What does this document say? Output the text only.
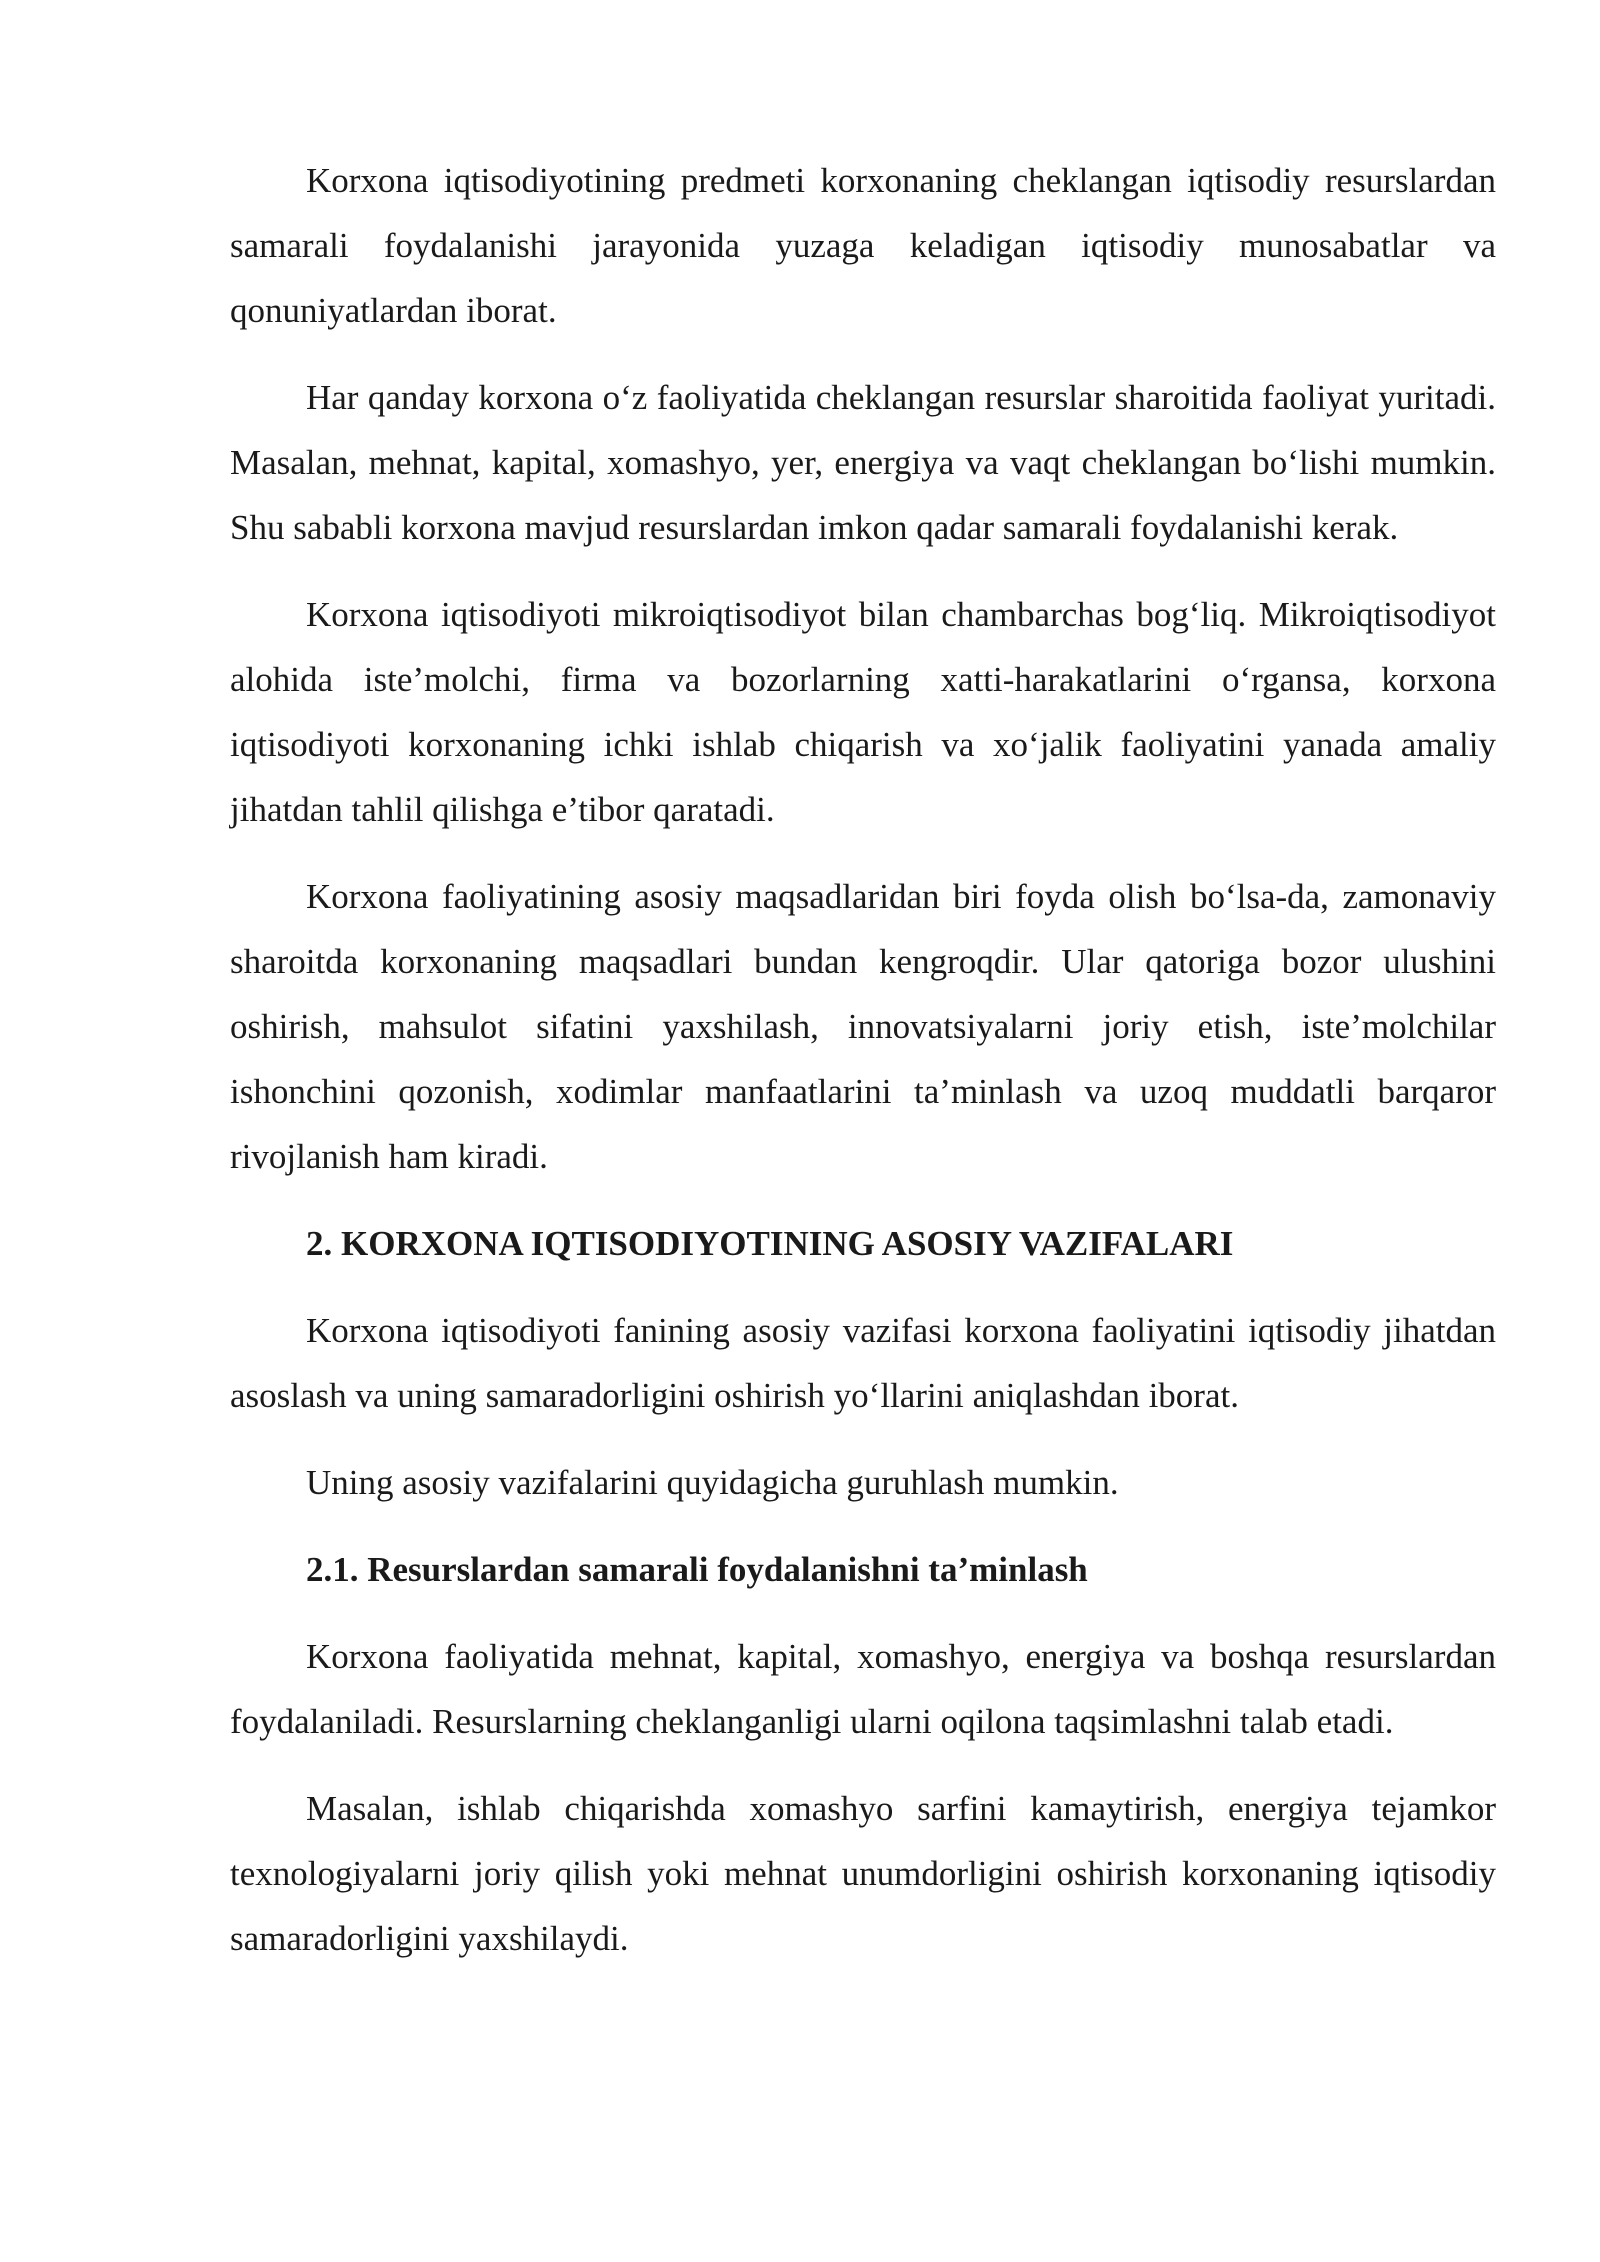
Korxona iqtisodiyotining predmeti korxonaning cheklangan iqtisodiy resurslardan samarali foydalanishi jarayonida yuzaga keladigan iqtisodiy munosabatlar va qonuniyatlardan iborat.

Har qanday korxona o‘z faoliyatida cheklangan resurslar sharoitida faoliyat yuritadi. Masalan, mehnat, kapital, xomashyo, yer, energiya va vaqt cheklangan bo‘lishi mumkin. Shu sababli korxona mavjud resurslardan imkon qadar samarali foydalanishi kerak.

Korxona iqtisodiyoti mikroiqtisodiyot bilan chambarchas bog‘liq. Mikroiqtisodiyot alohida iste’molchi, firma va bozorlarning xatti-harakatlarini o‘rgansa, korxona iqtisodiyoti korxonaning ichki ishlab chiqarish va xo‘jalik faoliyatini yanada amaliy jihatdan tahlil qilishga e’tibor qaratadi.

Korxona faoliyatining asosiy maqsadlaridan biri foyda olish bo‘lsa-da, zamonaviy sharoitda korxonaning maqsadlari bundan kengroqdir. Ular qatoriga bozor ulushini oshirish, mahsulot sifatini yaxshilash, innovatsiyalarni joriy etish, iste’molchilar ishonchini qozonish, xodimlar manfaatlarini ta’minlash va uzoq muddatli barqaror rivojlanish ham kiradi.

2. KORXONA IQTISODIYOTINING ASOSIY VAZIFALARI

Korxona iqtisodiyoti fanining asosiy vazifasi korxona faoliyatini iqtisodiy jihatdan asoslash va uning samaradorligini oshirish yo‘llarini aniqlashdan iborat.

Uning asosiy vazifalarini quyidagicha guruhlash mumkin.

2.1. Resurslardan samarali foydalanishni ta’minlash

Korxona faoliyatida mehnat, kapital, xomashyo, energiya va boshqa resurslardan foydalaniladi. Resurslarning cheklanganligi ularni oqilona taqsimlashni talab etadi.

Masalan, ishlab chiqarishda xomashyo sarfini kamaytirish, energiya tejamkor texnologiyalarni joriy qilish yoki mehnat unumdorligini oshirish korxonaning iqtisodiy samaradorligini yaxshilaydi.
